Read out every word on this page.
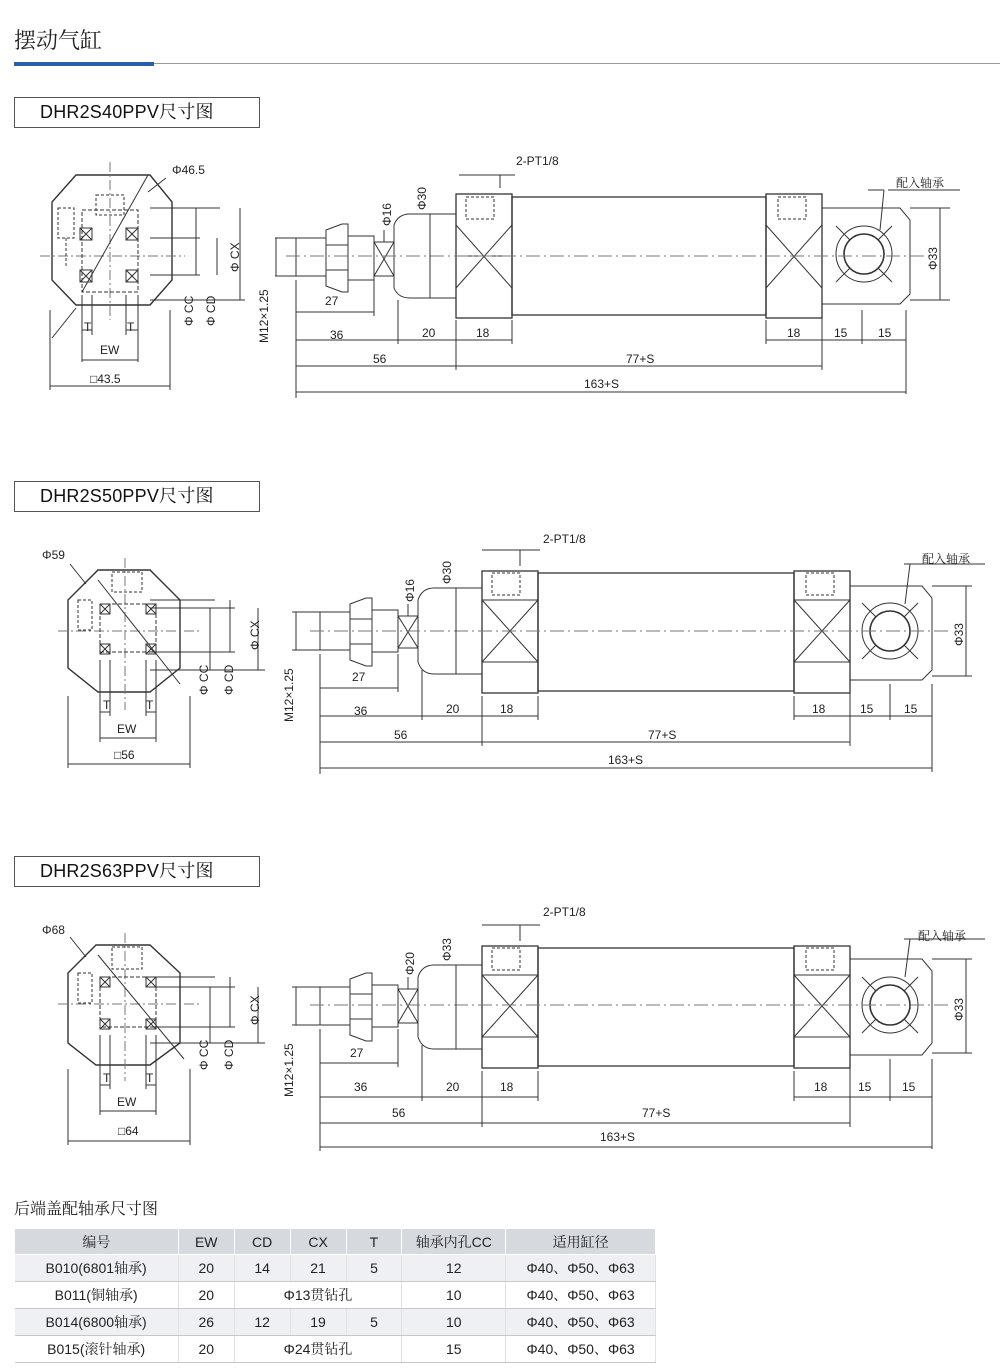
摆动气缸
DHR2S40PPV尺寸图
Φ46.5
Φ CC Φ CD
Φ CX
T	T
EW
□43.5
M12×1.25
Φ16
Φ30
2-PT1/8
配入轴承
Φ33
27
36	20	18	18	15	15
56	77+S
163+S
DHR2S50PPV尺寸图
Φ59
Φ CC Φ CD
Φ CX
T	T
EW
□56
M12×1.25
Φ16
Φ30
2-PT1/8
配入轴承
Φ33
27
36	20	18	18	15	15
56	77+S
163+S
DHR2S63PPV尺寸图
Φ68
Φ CC Φ CD
Φ CX
T	T
EW
□64
M12×1.25
Φ20
Φ33
2-PT1/8
配入轴承
Φ33
27
36	20	18	18	15	15
56	77+S
163+S
后端盖配轴承尺寸图
编号	EW	CD	CX	T	轴承内孔CC	适用缸径
B010(6801轴承)	20	14	21	5	12	Φ40、Φ50、Φ63
B011(铜轴承)	20	Φ13贯钻孔			10	Φ40、Φ50、Φ63
B014(6800轴承)	26	12	19	5	10	Φ40、Φ50、Φ63
B015(滚针轴承)	20	Φ24贯钻孔			15	Φ40、Φ50、Φ63
